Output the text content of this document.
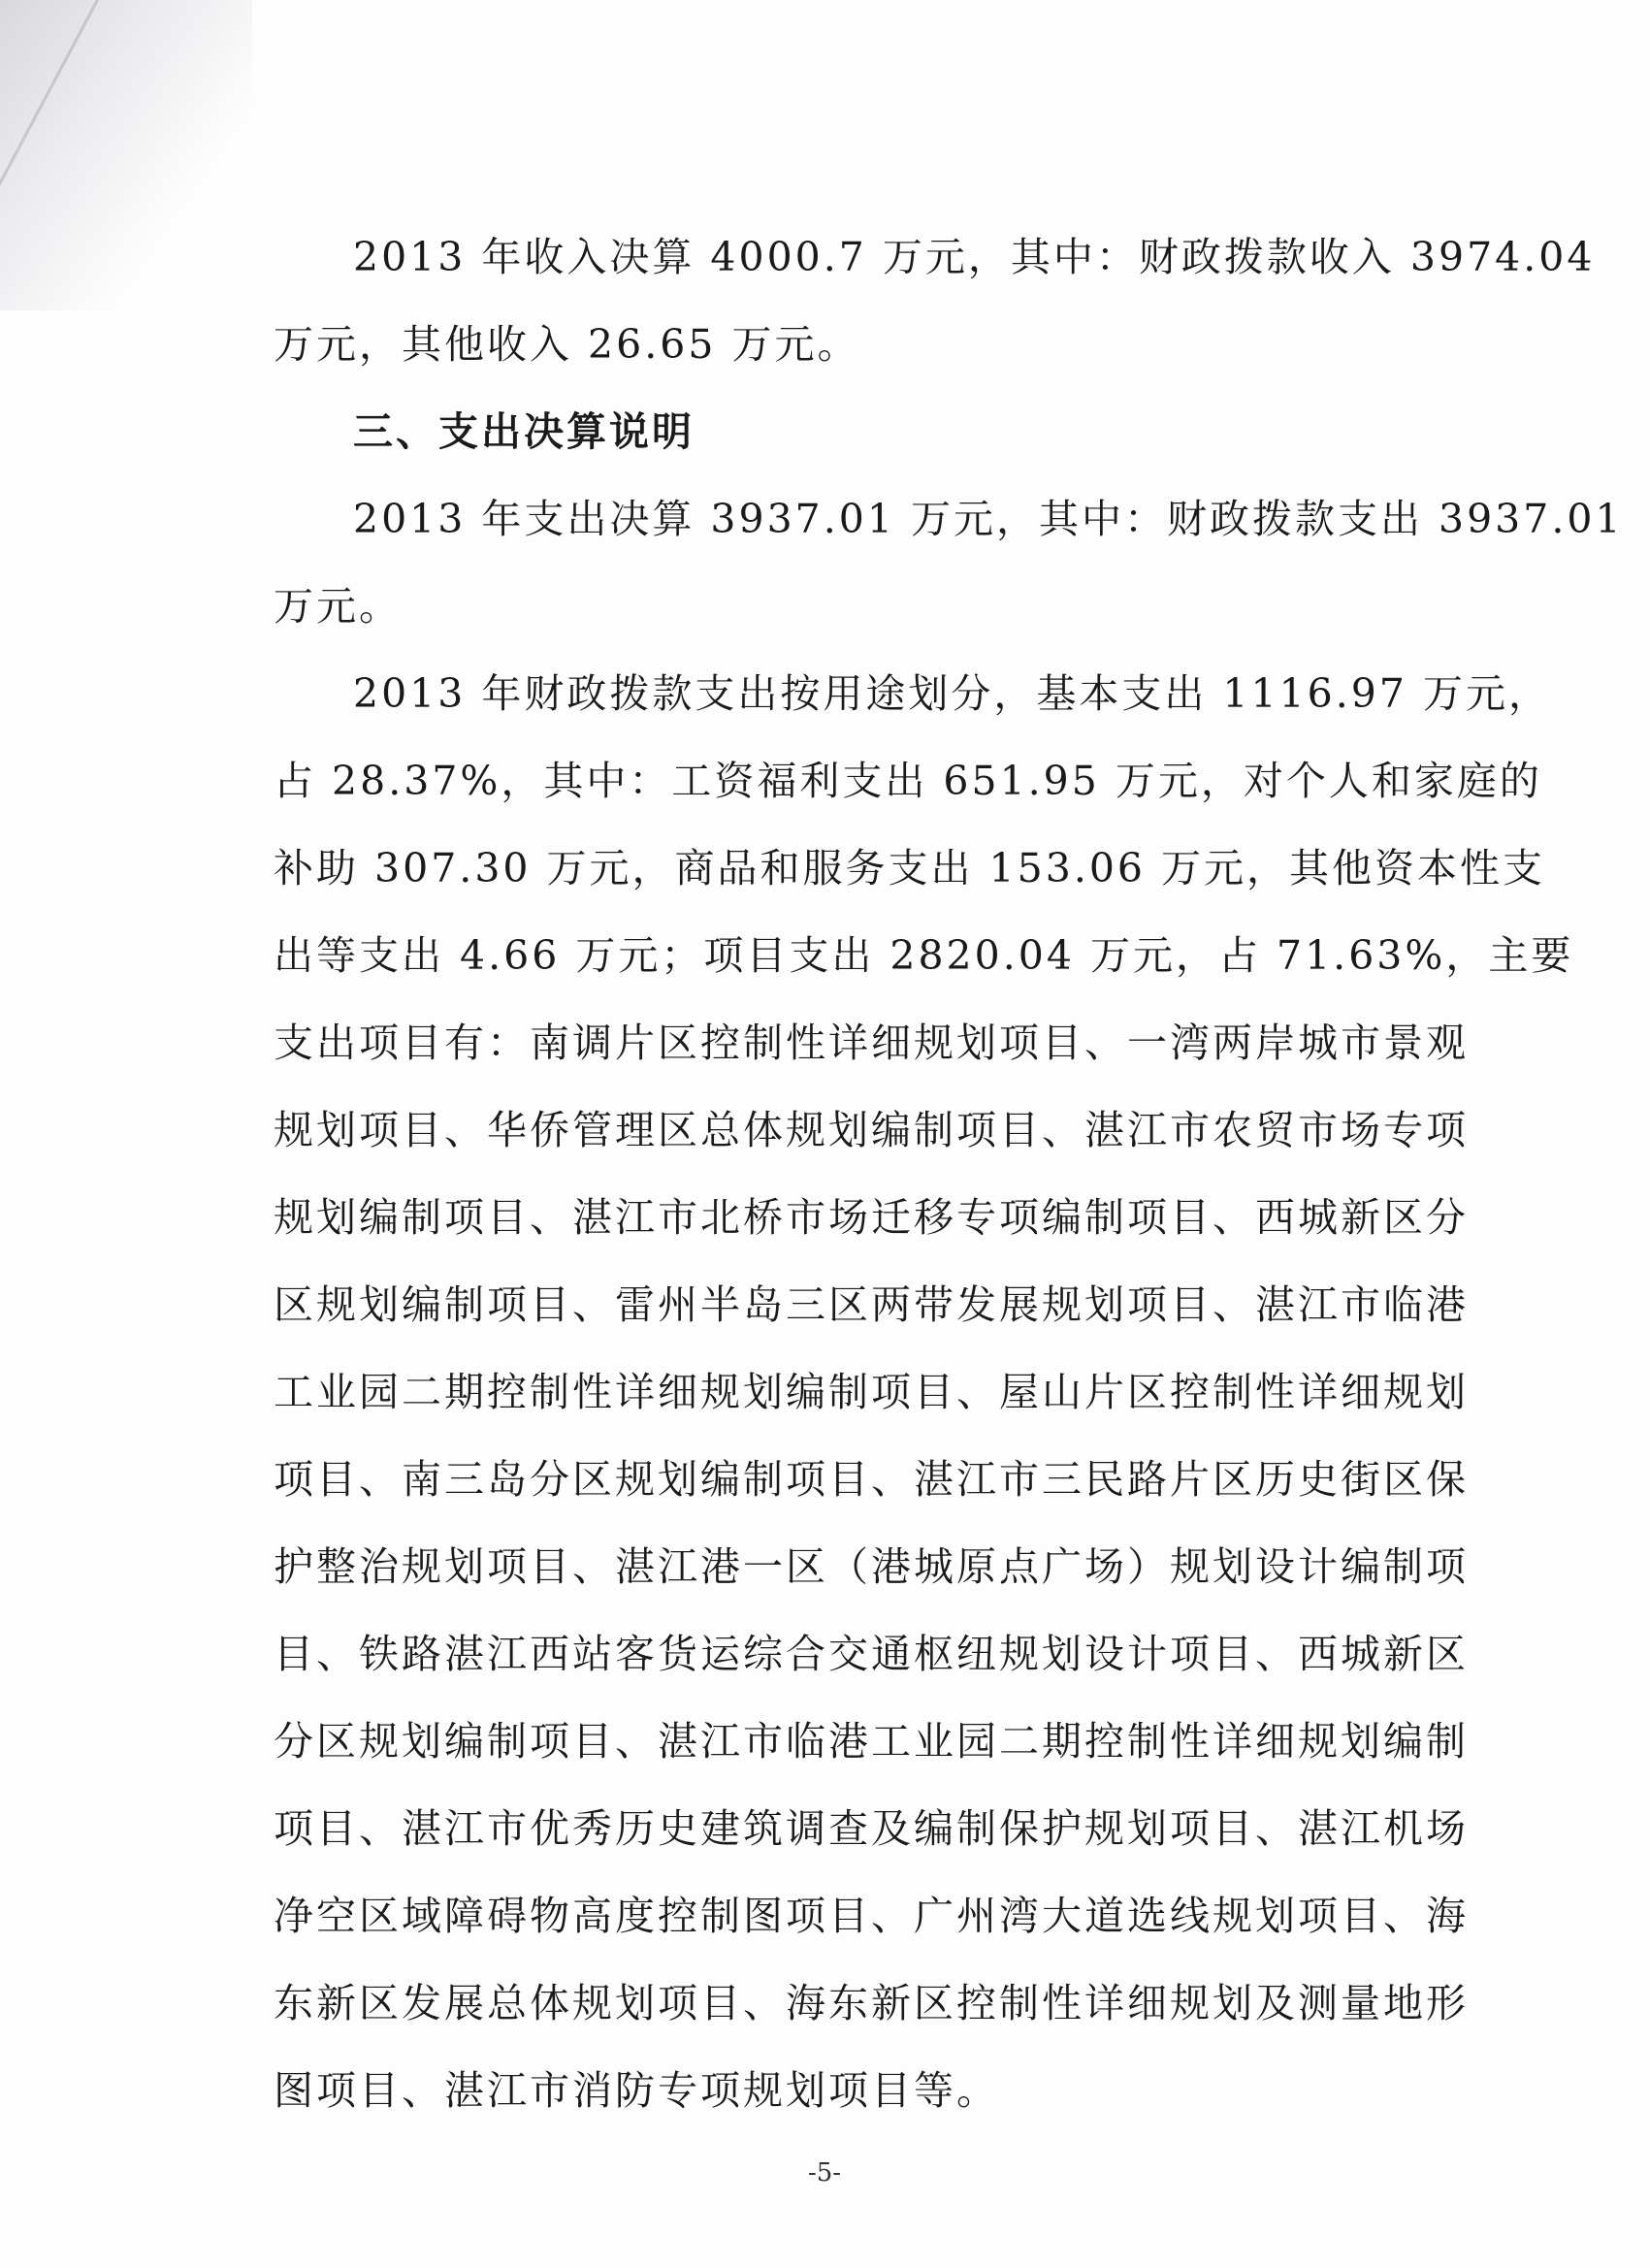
2013 年收入决算 4000.7 万元，其中：财政拨款收入 3974.04
万元，其他收入 26.65 万元。
三、支出决算说明
2013 年支出决算 3937.01 万元，其中：财政拨款支出 3937.01
万元。
2013 年财政拨款支出按用途划分，基本支出 1116.97 万元，
占 28.37%，其中：工资福利支出 651.95 万元，对个人和家庭的
补助 307.30 万元，商品和服务支出 153.06 万元，其他资本性支
出等支出 4.66 万元；项目支出 2820.04 万元，占 71.63%，主要
支出项目有：南调片区控制性详细规划项目、一湾两岸城市景观
规划项目、华侨管理区总体规划编制项目、湛江市农贸市场专项
规划编制项目、湛江市北桥市场迁移专项编制项目、西城新区分
区规划编制项目、雷州半岛三区两带发展规划项目、湛江市临港
工业园二期控制性详细规划编制项目、屋山片区控制性详细规划
项目、南三岛分区规划编制项目、湛江市三民路片区历史街区保
护整治规划项目、湛江港一区（港城原点广场）规划设计编制项
目、铁路湛江西站客货运综合交通枢纽规划设计项目、西城新区
分区规划编制项目、湛江市临港工业园二期控制性详细规划编制
项目、湛江市优秀历史建筑调查及编制保护规划项目、湛江机场
净空区域障碍物高度控制图项目、广州湾大道选线规划项目、海
东新区发展总体规划项目、海东新区控制性详细规划及测量地形
图项目、湛江市消防专项规划项目等。
-5-
